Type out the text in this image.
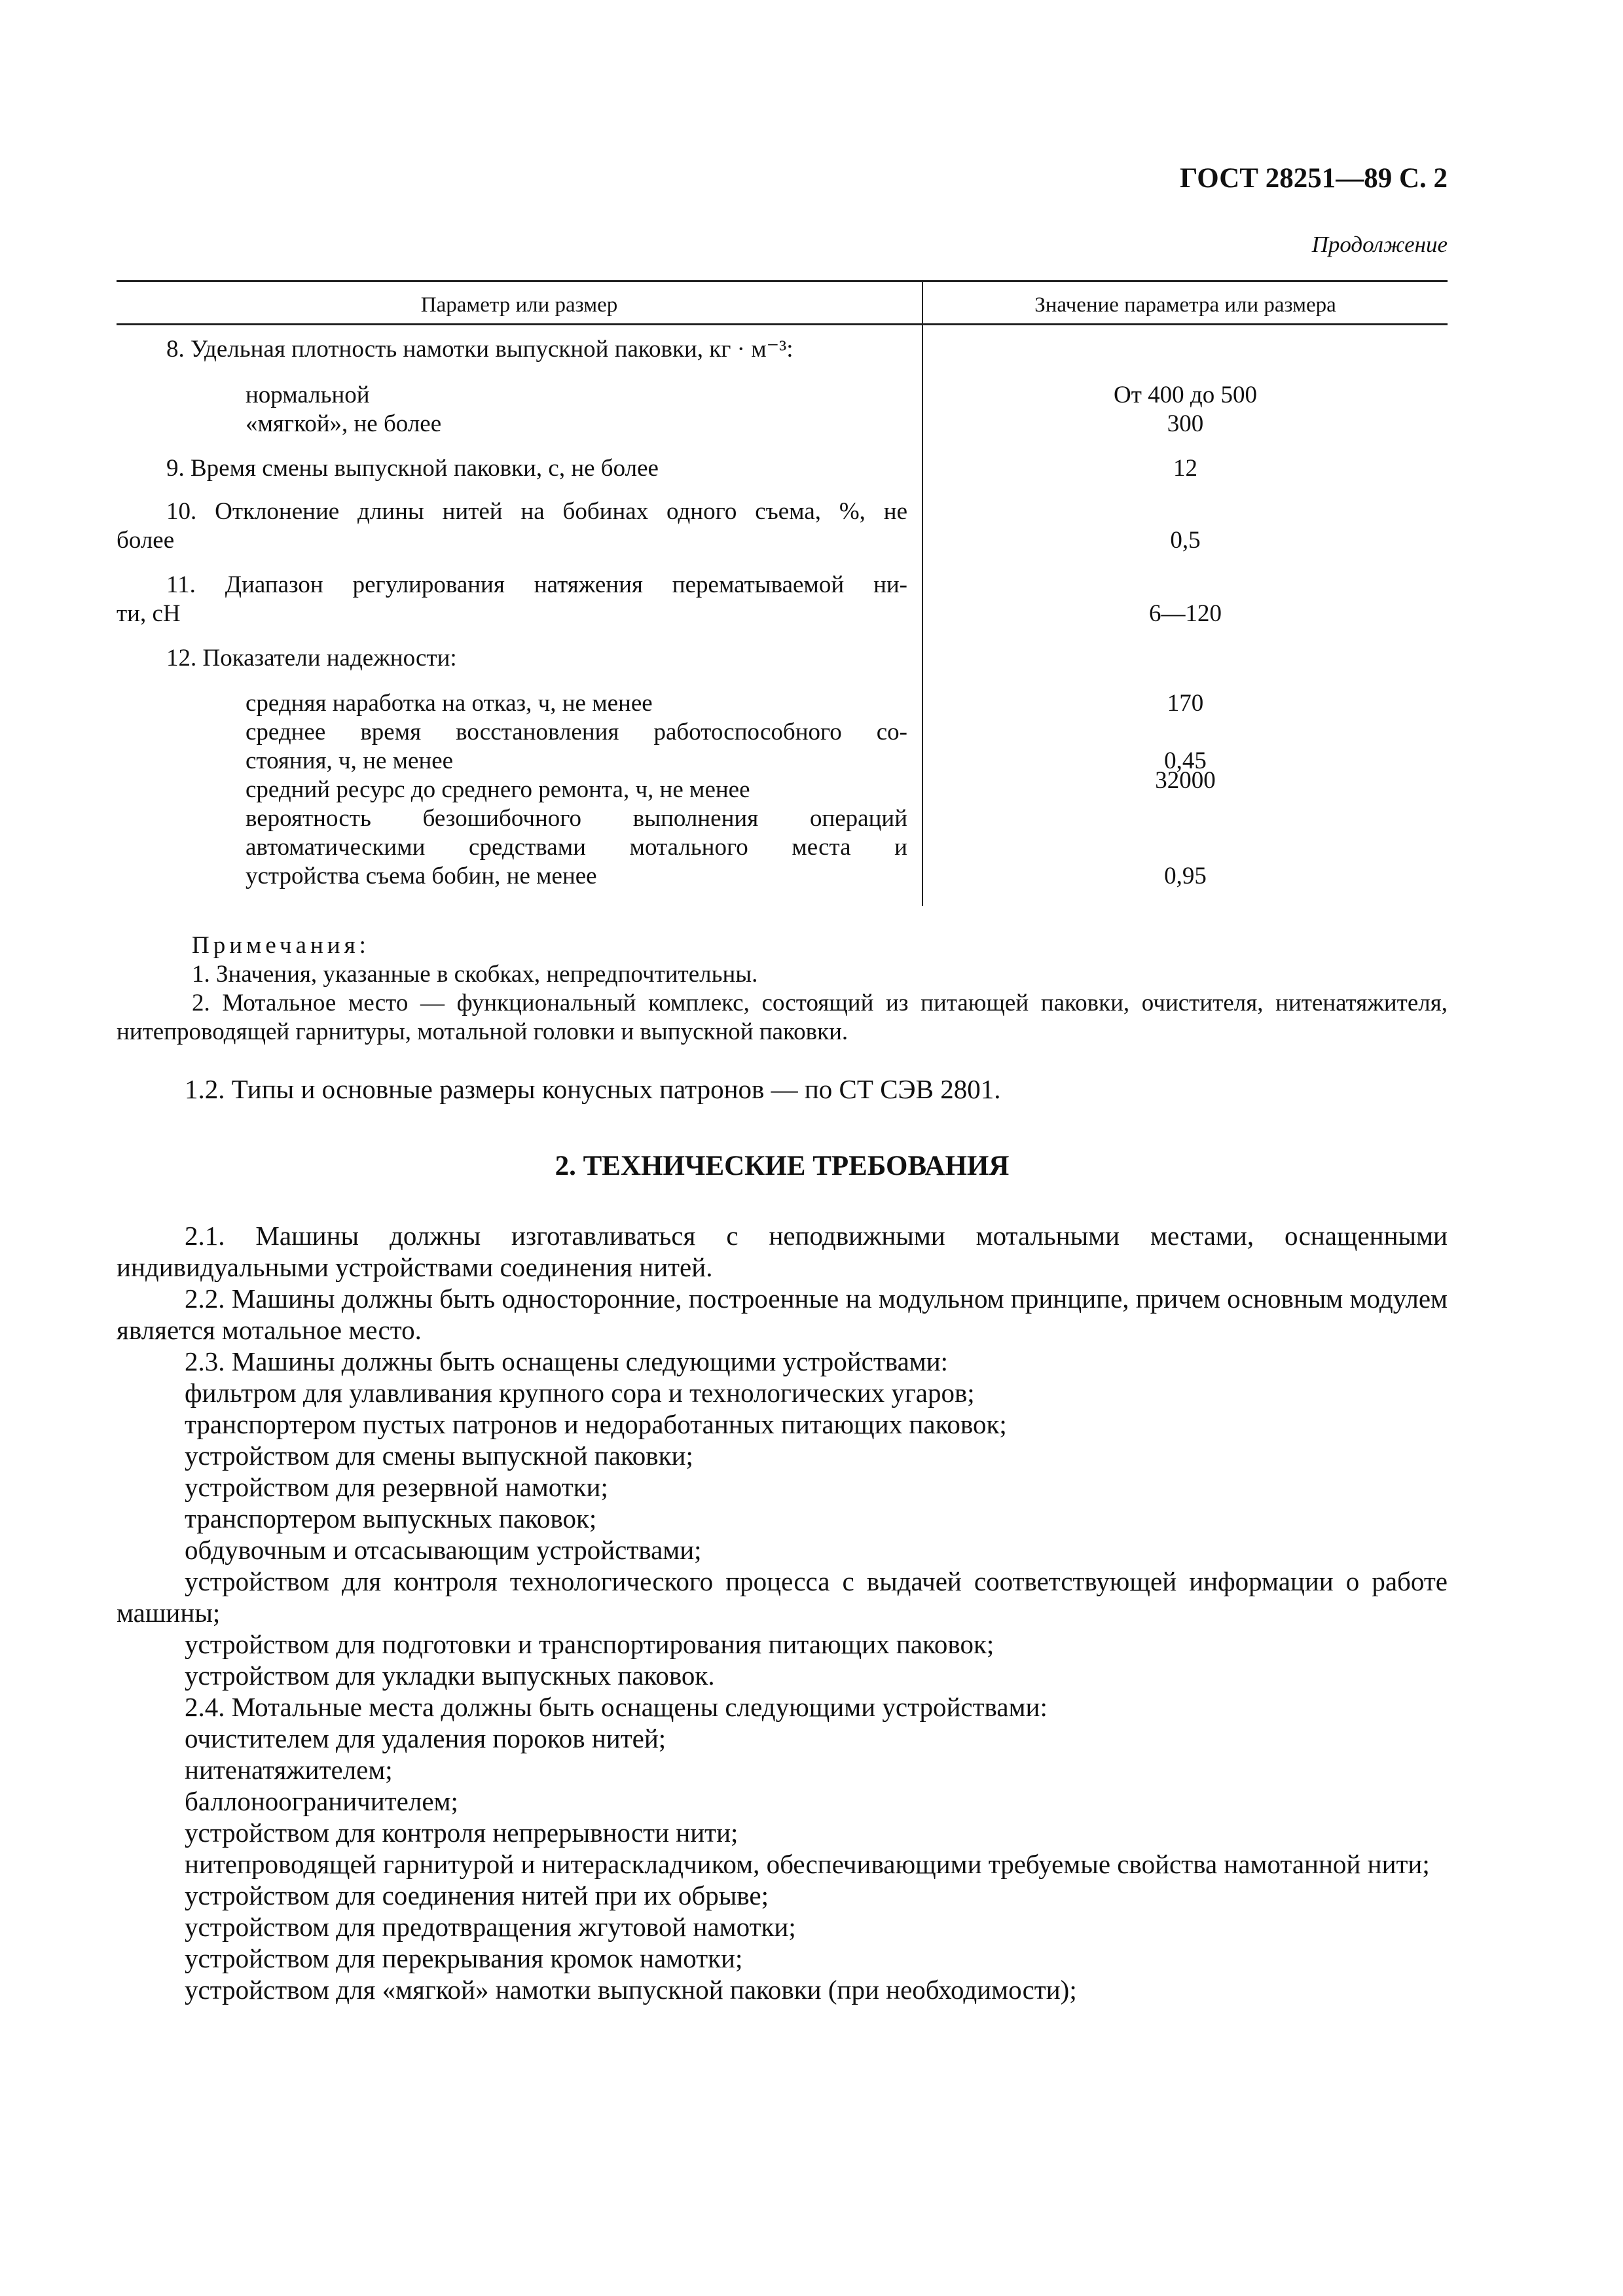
ГОСТ 28251—89 С. 2
Продолжение
Параметр или размер	Значение параметра или размера
8. Удельная плотность намотки выпускной паковки, кг · м⁻³:
нормальной	От 400 до 500
«мягкой», не более	300
9. Время смены выпускной паковки, с, не более	12
10. Отклонение длины нитей на бобинах одного съема, %, не
более	0,5
11. Диапазон регулирования натяжения перематываемой ни-
ти, сН	6—120
12. Показатели надежности:
средняя наработка на отказ, ч, не менее	170
среднее время восстановления работоспособного со-
стояния, ч, не менее	0,45
средний ресурс до среднего ремонта, ч, не менее	32000
вероятность безошибочного выполнения операций
автоматическими средствами мотального места и
устройства съема бобин, не менее	0,95
Примечания:
1. Значения, указанные в скобках, непредпочтительны.
2. Мотальное место — функциональный комплекс, состоящий из питающей паковки, очистителя, нитенатяжителя, нитепроводящей гарнитуры, мотальной головки и выпускной паковки.
1.2. Типы и основные размеры конусных патронов — по СТ СЭВ 2801.
2. ТЕХНИЧЕСКИЕ ТРЕБОВАНИЯ
2.1. Машины должны изготавливаться с неподвижными мотальными местами, оснащенными индивидуальными устройствами соединения нитей.
2.2. Машины должны быть односторонние, построенные на модульном принципе, причем основным модулем является мотальное место.
2.3. Машины должны быть оснащены следующими устройствами:
фильтром для улавливания крупного сора и технологических угаров;
транспортером пустых патронов и недоработанных питающих паковок;
устройством для смены выпускной паковки;
устройством для резервной намотки;
транспортером выпускных паковок;
обдувочным и отсасывающим устройствами;
устройством для контроля технологического процесса с выдачей соответствующей информации о работе машины;
устройством для подготовки и транспортирования питающих паковок;
устройством для укладки выпускных паковок.
2.4. Мотальные места должны быть оснащены следующими устройствами:
очистителем для удаления пороков нитей;
нитенатяжителем;
баллоноограничителем;
устройством для контроля непрерывности нити;
нитепроводящей гарнитурой и нитераскладчиком, обеспечивающими требуемые свойства намотанной нити;
устройством для соединения нитей при их обрыве;
устройством для предотвращения жгутовой намотки;
устройством для перекрывания кромок намотки;
устройством для «мягкой» намотки выпускной паковки (при необходимости);
